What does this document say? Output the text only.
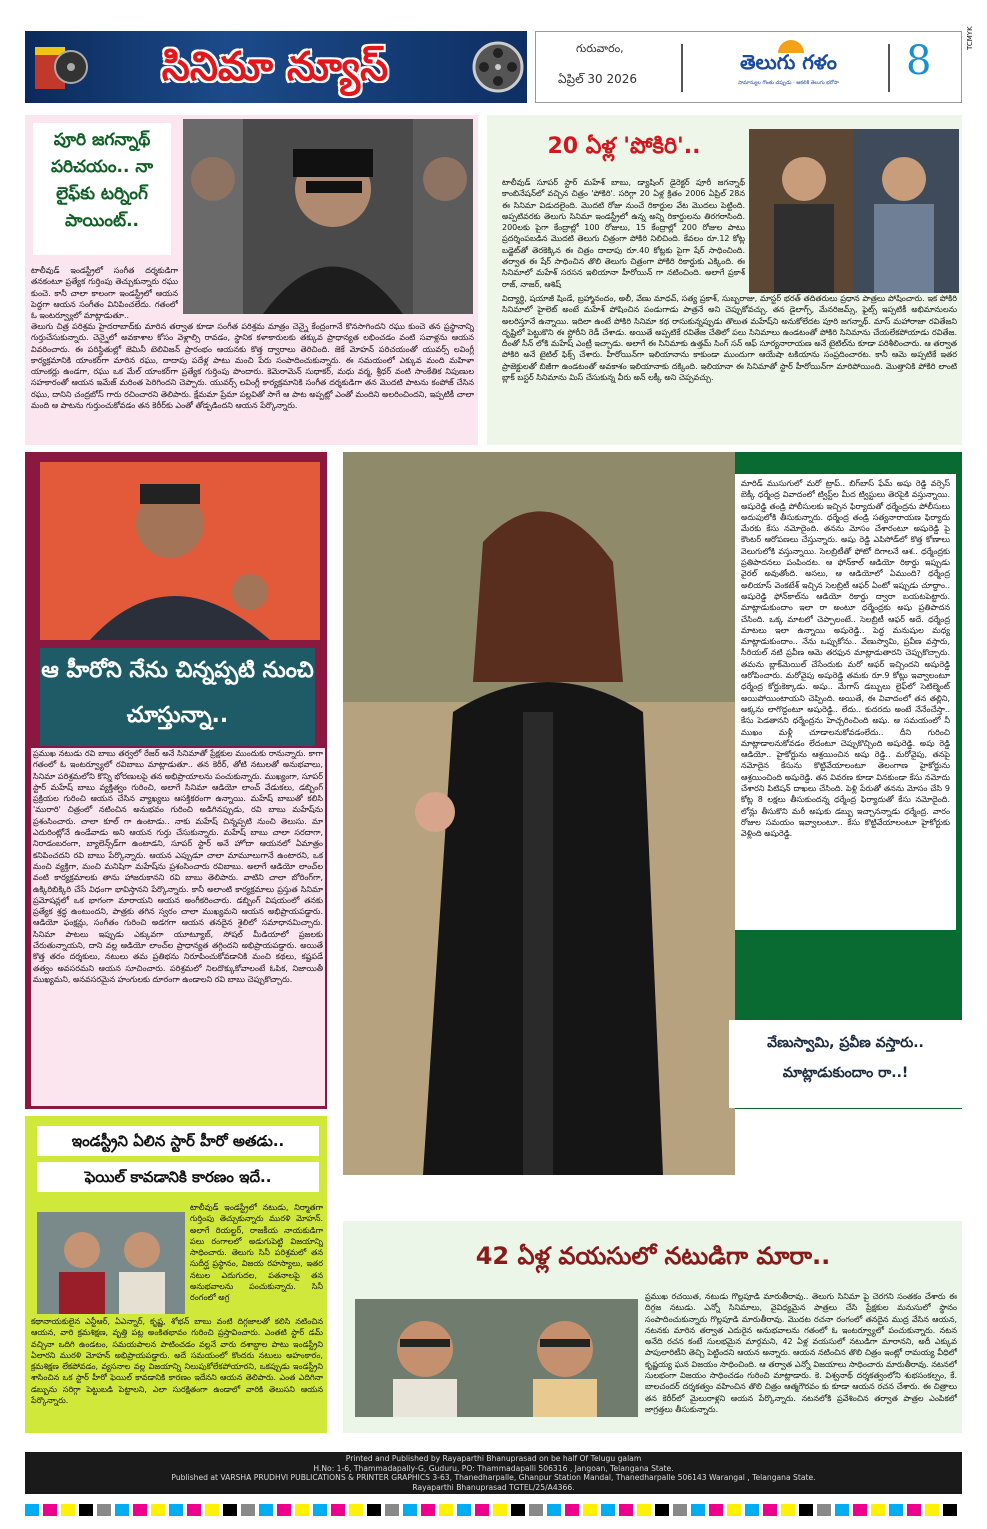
సినిమా న్యూస్	గురువారం,
ఏప్రిల్ 30 2026
తెలుగు గళం
సామాన్యుల గొంతు చప్పుడు · ఆకలికి తెలుగు భరోసా	8	TCMYK
పూరి జగన్నాథ్ పరిచయం.. నా లైఫ్‌కు టర్నింగ్ పాయింట్..
టాలీవుడ్ ఇండస్ట్రీలో సంగీత దర్శకుడిగా తనకంటూ ప్రత్యేక గుర్తింపు తెచ్చుకున్నారు రఘు కుంచె. కానీ చాలా కాలంగా ఇండస్ట్రీలో ఆయన పెద్దగా ఆయన సంగీతం వినిపించలేదు. గతంలో ఓ ఇంటర్వ్యూలో మాట్లాడుతూ..
తెలుగు చిత్ర పరిశ్రమ హైదరాబాద్‌కు మారిన తర్వాత కూడా సంగీత పరిశ్రమ మాత్రం చెన్నై కేంద్రంగానే కొనసాగిందని రఘు కుంచె తన ప్రస్థానాన్ని గుర్తుచేసుకున్నారు. చెన్నైలో అవకాశాల కోసం వెళ్లాల్సి రావడం, స్థానిక కళాకారులకు తక్కువ ప్రాధాన్యత లభించడం వంటి సవాళ్లను ఆయన వివరించారు. ఈ పరిస్థితుల్లో జెమినీ టెలివిజన్ ప్రారంభం ఆయనకు కొత్త ద్వారాలు తెరిచింది. జెకే మోహన్ పరిచయంతో యువర్స్ లవింగ్లీ కార్యక్రమానికి యాంకర్‌గా మారిన రఘు, దాదాపు పదేళ్ల పాటు మంచి పేరు సంపాదించుకున్నారు. ఈ సమయంలో ఎక్కువ మంది మహిళా యాంకర్లు ఉండగా, రఘు ఒక మేల్ యాంకర్‌గా ప్రత్యేక గుర్తింపు పొందారు. కెమెరామెన్ సుధాకర్, మధు వర్మ, శ్రీధర్ వంటి సాంకేతిక నిపుణుల సహకారంతో ఆయన ఇమేజ్ మరింత పెరిగిందని చెప్పారు. యువర్స్ లవింగ్లీ కార్యక్రమానికి సంగీత దర్శకుడిగా తన మొదటి పాటను కంపోజ్ చేసిన రఘు, దానిని చంద్రబోస్ గారు రచించారని తెలిపారు. క్షేమమా ప్రేమా పల్లవితో సాగే ఆ పాట అప్పట్లో ఎంతో మందిని అలరించిందని, ఇప్పటికీ చాలా మంది ఆ పాటను గుర్తుంచుకోవడం తన కెరీర్‌కు ఎంతో తోడ్పడిందని ఆయన పేర్కొన్నారు.
20 ఏళ్ల 'పోకిరి'..
టాలీవుడ్ సూపర్ స్టార్ మహేశ్ బాబు, డ్యాషింగ్ డైరెక్టర్ పూరీ జగన్నాథ్ కాంబినేషన్‌లో వచ్చిన చిత్రం 'పోకిరి'. సరిగ్గా 20 ఏళ్ల క్రితం 2006 ఏప్రిల్ 28న ఈ సినిమా విడుదలైంది. మొదటి రోజు నుంచే రికార్డుల వేట మొదలు పెట్టింది. అప్పటివరకు తెలుగు సినిమా ఇండస్ట్రీలో ఉన్న అన్ని రికార్డులను తిరగరాసింది. 200లకు పైగా కేంద్రాల్లో 100 రోజులు, 15 కేంద్రాల్లో 200 రోజుల పాటు ప్రదర్శింపబడిన మొదటి తెలుగు చిత్రంగా పోకిరి నిలిచింది. కేవలం రూ.12 కోట్ల బడ్జెట్‌తో తెరకెక్కిన ఈ చిత్రం దాదాపు రూ.40 కోట్లకు పైగా షేర్ సాధించింది. తర్వాత ఈ షేర్ సాధించిన తొలి తెలుగు చిత్రంగా పోకిరి రికార్డుకు ఎక్కింది. ఈ సినిమాలో మహేశ్ సరసన ఇలియానా హీరోయిన్ గా నటించింది. అలాగే ప్రకాశ్ రాజ్, నాజర్, ఆశిష్
విద్యార్థి, షయాజీ షిండే, బ్రహ్మానందం, అలీ, వేణు మాధవ్, సత్య ప్రకాశ్, సుబ్బరాజు, మాస్టర్ భరత్ తదితరులు ప్రధాన పాత్రలు పోషించారు. ఇక పోకిరి సినిమాలో హైలెట్ అంటే మహేశ్ పోషించిన పండుగాడు పాత్రనే అని చెప్పుకోవచ్చు. తన డైలాగ్స్, మేనరిజమ్స్, ఫైట్స్ ఇప్పటికీ అభిమానులను అలరిస్తూనే ఉన్నాయి. ఇదిలా ఉంటే పోకిరి సినిమా కథ రాసుకున్నప్పుడు తొలుత మహేష్‌ని అనుకోలేదట పూరి జగన్నాథ్. మాస్ మహారాజా రవితేజని దృష్టిలో పెట్టుకొని ఈ స్టోరీని రెడీ చేశాడు. అయితే అప్పటికే రవితేజ చేతిలో పలు సినిమాలు ఉండటంతో పోకిరి సినిమాను చేయలేకపోయాడు రవితేజ. దీంతో సీన్ లోకి మహేష్ ఎంట్రీ ఇచ్చాడు. అలాగే ఈ సినిమాకు ఉత్తమ్ సింగ్ సన్ ఆఫ్ సూర్యనారాయణ అనే టైటిల్‌ను కూడా పరిశీలించారు. ఆ తర్వాత పోకిరి అనే టైటిల్ ఫిక్స్ చేశారు. హీరోయిన్‌గా ఇలియానాను కాకుండా ముందుగా ఆయేషా టకియాను సంప్రదించారట. కానీ ఆమె అప్పటికే ఇతర ప్రాజెక్టులతో బిజీగా ఉండటంతో అవకాశం ఇలియానాకు దక్కింది. ఇలియానా ఈ సినిమాతో స్టార్ హీరోయిన్‌గా మారిపోయింది. మొత్తానికి పోకిరి లాంటి బ్లాక్ బస్టర్ సినిమాను మిస్ చేసుకున్న వీరు అన్ లక్కీ అని చెప్పవచ్చు.
ఆ హీరోని నేను చిన్నప్పటి నుంచి చూస్తున్నా..
ప్రముఖ నటుడు రవి బాబు తర్వలో రేజర్ అనే సినిమాతో ప్రేక్షకుల ముందుకు రానున్నారు. కాగా గతంలో ఓ ఇంటర్వ్యూలో రవిబాబు మాట్లాడుతూ.. తన కెరీర్, తోటి నటులతో అనుభవాలు, సినిమా పరిశ్రమలోని కొన్ని భోరణులపై తన అభిప్రాయాలను పంచుకున్నారు. ముఖ్యంగా, సూపర్ స్టార్ మహేష్ బాబు వ్యక్తిత్వం గురించి, అలాగే సినిమా ఆడియో లాంచ్ వేడుకలు, డబ్బింగ్ ప్రక్రియల గురించి ఆయన చేసిన వ్యాఖ్యలు ఆసక్తికరంగా ఉన్నాయి. మహేష్ బాబుతో కలిసి 'మురారి' చిత్రంలో నటించిన అనుభవం గురించి అడిగినప్పుడు, రవి బాబు మహేష్‌ను ప్రశంసించారు. చాలా కూల్ గా ఉంటాడు.. నాకు మహేష్ చిన్నప్పటి నుంచి తెలుసు. మా ఎదురింట్లోనే ఉండేవాడు అని ఆయన గుర్తు చేసుకున్నారు. మహేష్ బాబు చాలా సరదాగా, నిరాడంబరంగా, బ్యాలెన్స్‌డ్‌గా ఉంటాడని, సూపర్ స్టార్ అనే హోదా ఆయనలో ఏమాత్రం కనిపించదని రవి బాబు పేర్కొన్నారు. ఆయన ఎప్పుడూ చాలా మామూలుగానే ఉంటారని, ఒక మంచి వ్యక్తిగా, మంచి మనిషిగా మహేష్‌ను ప్రశంసించారు రవిబాబు. అలాగే ఆడియో లాంచ్‌ల వంటి కార్యక్రమాలకు తాను హాజరుకానని రవి బాబు తెలిపారు. వాటిని చాలా బోరింగ్‌గా, ఉక్కిరిబిక్కిరి చేసే విధంగా భావిస్తానని పేర్కొన్నారు. కానీ అలాంటి కార్యక్రమాలు ప్రస్తుత సినిమా ప్రమోషన్లలో ఒక భాగంగా మారాయని ఆయన అంగీకరించారు. డబ్బింగ్ విషయంలో తనకు ప్రత్యేక శ్రద్ధ ఉంటుందని, పాత్రకు తగిన స్వరం చాలా ముఖ్యమని ఆయన అభిప్రాయపడ్డారు. ఆడియో ఫంక్షన్లు, సంగీతం గురించి అడగగా ఆయన తనదైన శైలిలో సమాధానమిచ్చారు. సినిమా పాటలు ఇప్పుడు ఎక్కువగా యూట్యూబ్, సోషల్ మీడియాలో ప్రజలకు చేరుతున్నాయని, దాని వల్ల ఆడియో లాంచ్‌ల ప్రాధాన్యత తగ్గిందని అభిప్రాయపడ్డారు. అయితే కొత్త తరం దర్శకులు, నటులు తమ ప్రతిభను నిరూపించుకోవడానికి మంచి కథలు, కష్టపడే తత్వం అవసరమని ఆయన సూచించారు. పరిశ్రమలో నిలదొక్కుకోవాలంటే ఓపిక, నిజాయితీ ముఖ్యమని, అనవసరమైన హంగులకు దూరంగా ఉండాలని రవి బాబు చెప్పుకొచ్చారు.
మారిడ్ ముసుగులో మరో ట్రాప్.. బిగ్‌బాస్ ఫేమ్ అషు రెడ్డి వర్సెస్ బెక్కీ ధర్మేంద్ర వివాదంలో ట్విస్ట్‌ల మీద ట్విస్టులు తెరపైకి వస్తున్నాయి. అషురెడ్డి తండ్రి పోలీసులకు ఇచ్చిన ఫిర్యాదుతో ధర్మేంద్రను పోలీసులు అదుపులోకి తీసుకున్నారు. ధర్మేంద్ర తండ్రి సత్యనారాయణ ఫిర్యాదు మేరకు కేసు నమోదైంది. తనను మోసం చేశారంటూ అషురెడ్డి పై కౌంటర్ ఆరోపణలు చేస్తున్నారు. అషు రెడ్డి ఎపిసోడ్‌లో కొత్త కోణాలు వెలుగులోకి వస్తున్నాయి. సెలబ్రిటీతో ఫోటో దిగాలనే ఆశ.. ధర్మేంద్రకు ప్రతిపాదనలు పంపిందట. ఆ ఫోన్‌కాల్ ఆడియో రికార్డు ఇప్పుడు వైరల్ అవుతోంది. అసలు, ఆ ఆడియోలో ఏముంది? ధర్మేంద్ర అలియాస్ వెంకటేశ్ ఇచ్చిన సెలబ్రిటీ ఆఫర్ ఏంటో ఇప్పుడు చూద్దాం.. అషురెడ్డి ఫోన్‌కాల్‌ను ఆడియో రికార్డు ద్వారా బయటపెట్టారు. మాట్లాడుకుందాం ఇలా రా అంటూ ధర్మేంద్రకు అషు ప్రతిపాదన చేసింది. ఒక్క మాటలో చెప్పాలంటే.. సెలబ్రిటీ ఆఫర్ అదే. ధర్మేంద్ర మాటలు ఇలా ఉన్నాయి అషురెడ్డి.. పెద్ద మనుషుల మధ్య మాట్లాడుకుందాం.. నేను ఒప్పుకోను.. వేణుస్వామి, ప్రవీణ వస్తారు, సీరియల్ నటి ప్రవీణ ఆమె తరఫున మాట్లాడుతారని చెప్పుకొచ్చారు. తమను బ్లాక్‌మెయిల్ చేసేందుకు మరో ఆఫర్ ఇచ్చిందని అషురెడ్డి ఆరోపించారు. మరోవైపు అషురెడ్డి తమకు రూ.9 కోట్లు ఇవ్వాలంటూ ధర్మేంద్ర కోర్టుకెక్కాడు. అషు.. మేగాస్ డబ్బులు లైఫ్‌లో సెటిల్మెంట్ అయిపోయింటాయని చెప్పింది. అయితే, ఈ వివాదంలో తన తల్లిని, అక్కను లాగొద్దంటూ అషురెడ్డి.. లేదు.. కుదరదు అంటే నేనేంచేస్తా.. కేసు పెడతానని ధర్మేంద్రను హెచ్చరించింది అషు. ఆ సమయంలో నీ ముఖం మళ్లీ చూడాలనుకోవడంలేదు.. దీని గురించి మాట్లాడాలనుకోవడం లేదంటూ చెప్పుకొచ్చింది అషురెడ్డి. అషు రెడ్డి ఆడియో.. హైకోర్టును ఆశ్రయించిన అషు రెడ్డి.. మరోవైపు, తనపై నమోదైన కేసును కొట్టివేయాలంటూ తెలంగాణ హైకోర్టును ఆశ్రయించింది అషురెడ్డి. తన వివరణ కూడా వినకుండా కేసు నమోదు చేశారని పిటిషన్ దాఖలు చేసింది. పెళ్లి పేరుతో తనను మోసం చేసి 9 కోట్ల 8 లక్షలు తీసుకుందన్న ధర్మేంద్ర ఫిర్యాదుతో కేసు నమోదైంది. లోన్లు తీసుకొని మరీ అషుకు డబ్బు ఇచ్చానన్నాడు ధర్మేంద్ర. వారం రోజుల సమయం ఇవ్వాలంటూ.. కేసు కొట్టివేయాలంటూ హైకోర్టుకు వెళ్లింది అషురెడ్డి.
వేణుస్వామి, ప్రవీణ వస్తారు.. మాట్లాడుకుందాం రా..!
ఇండస్ట్రీని ఏలిన స్టార్ హీరో అతడు..
ఫెయిల్ కావడానికి కారణం ఇదే..
టాలీవుడ్ ఇండస్ట్రీలో నటుడు, నిర్మాతగా గుర్తింపు తెచ్చుకున్నారు మురళి మోహన్. అలాగే రియల్టర్, రాజకీయ నాయకుడిగా పలు రంగాలలో అడుగుపెట్టి విజయాన్ని సాధించారు. తెలుగు సినీ పరిశ్రమలో తన సుదీర్ఘ ప్రస్థానం, విజయ రహస్యాలు, ఇతర నటుల ఎదుగుదల, పతనాలపై తన అనుభవాలను పంచుకున్నారు. సినీ రంగంలో అగ్ర
కథానాయకులైన ఎన్టీఆర్, ఏఎన్నార్, కృష్ణ, శోభన్ బాబు వంటి దిగ్గజాలతో కలిసి నటించిన ఆయన, వారి క్రమశిక్షణ, వృత్తి పట్ల అంకితభావం గురించి ప్రస్తావించారు. ఎంతటి స్టార్ డమ్ వచ్చినా ఒదిగి ఉండటం, సమయపాలన పాటించడం వల్లనే వారు దశాబ్దాల పాటు ఇండస్ట్రీని ఏలారని మురళి మోహన్ అభిప్రాయపడ్డారు. అదే సమయంలో కొందరు నటులు అహంకారం, క్రమశిక్షణ లేకపోవడం, వ్యసనాల వల్ల విజయాన్ని నిలుపుకోలేకపోయారని, ఒకప్పుడు ఇండస్ట్రీని శాసించిన ఒక స్టార్ హీరో ఫెయిల్ కావడానికి కారణం ఇదేనని ఆయన తెలిపారు. ఎంత ఎదిగినా డబ్బును సరిగ్గా పెట్టుబడి పెట్టాలని, ఎలా సురక్షితంగా ఉండాలో వారికి తెలుసని ఆయన పేర్కొన్నారు.
42 ఏళ్ల వయసులో నటుడిగా మారా..
ప్రముఖ రచయిత, నటుడు గొల్లపూడి మారుతీరావు.. తెలుగు సినిమా పై చెరగని సంతకం చేశారు ఈ దిగ్గజ నటుడు. ఎన్నో సినిమాలు, వైవిధ్యమైన పాత్రలు చేసి ప్రేక్షకుల మనుసులో స్థానం సంపాదించుకున్నారు గొల్లపూడి మారుతీరావు. మొదట రచనా రంగంలో తనదైన ముద్ర వేసిన ఆయన, నటనకు మారిన తర్వాత ఎదురైన అనుభవాలను గతంలో ఓ ఇంటర్వ్యూలో పంచుకున్నారు. నటన అనేది రచన కంటే సులభమైన మార్గమని, 42 ఏళ్ల వయసులో నటుడిగా మారానని, అదీ ఎక్కువ పాపులారిటీని తెచ్చి పెట్టిందని ఆయన అన్నారు. ఆయన నటించిన తొలి చిత్రం ఇంట్లో రామయ్య వీధిలో కృష్ణయ్య ఘన విజయం సాధించింది. ఆ తర్వాత ఎన్నో విజయాలు సాధించారు మారుతీరావు. నటనలో సులభంగా విజయం సాధించడం గురించి మాట్లాడారు. కె. విశ్వనాథ్ దర్శకత్వంలోని శుభసంకల్పం, కే. బాలచందర్ దర్శకత్వం వహించిన తొలి చిత్రం ఆత్మగౌరవం కు కూడా ఆయన రచన చేశారు. ఈ చిత్రాలు తన కెరీర్‌లో మైలురాళ్లని ఆయన పేర్కొన్నారు. నటనలోకి ప్రవేశించిన తర్వాత పాత్రల ఎంపికలో జాగ్రత్తలు తీసుకున్నారు.
Printed and Published by Rayaparthi Bhanuprasad on be half Of Telugu galam
H.No: 1-6, Thammadapally-G, Guduru, PO: Thammadapalli 506316 , Jangoan, Telangana State.
Published at VARSHA PRUDHVI PUBLICATIONS & PRINTER GRAPHICS 3-63, Thanedharpalle, Ghanpur Station Mandal, Thanedharpalle 506143 Warangal , Telangana State.
Rayaparthi Bhanuprasad TGTEL/25/A4366.
